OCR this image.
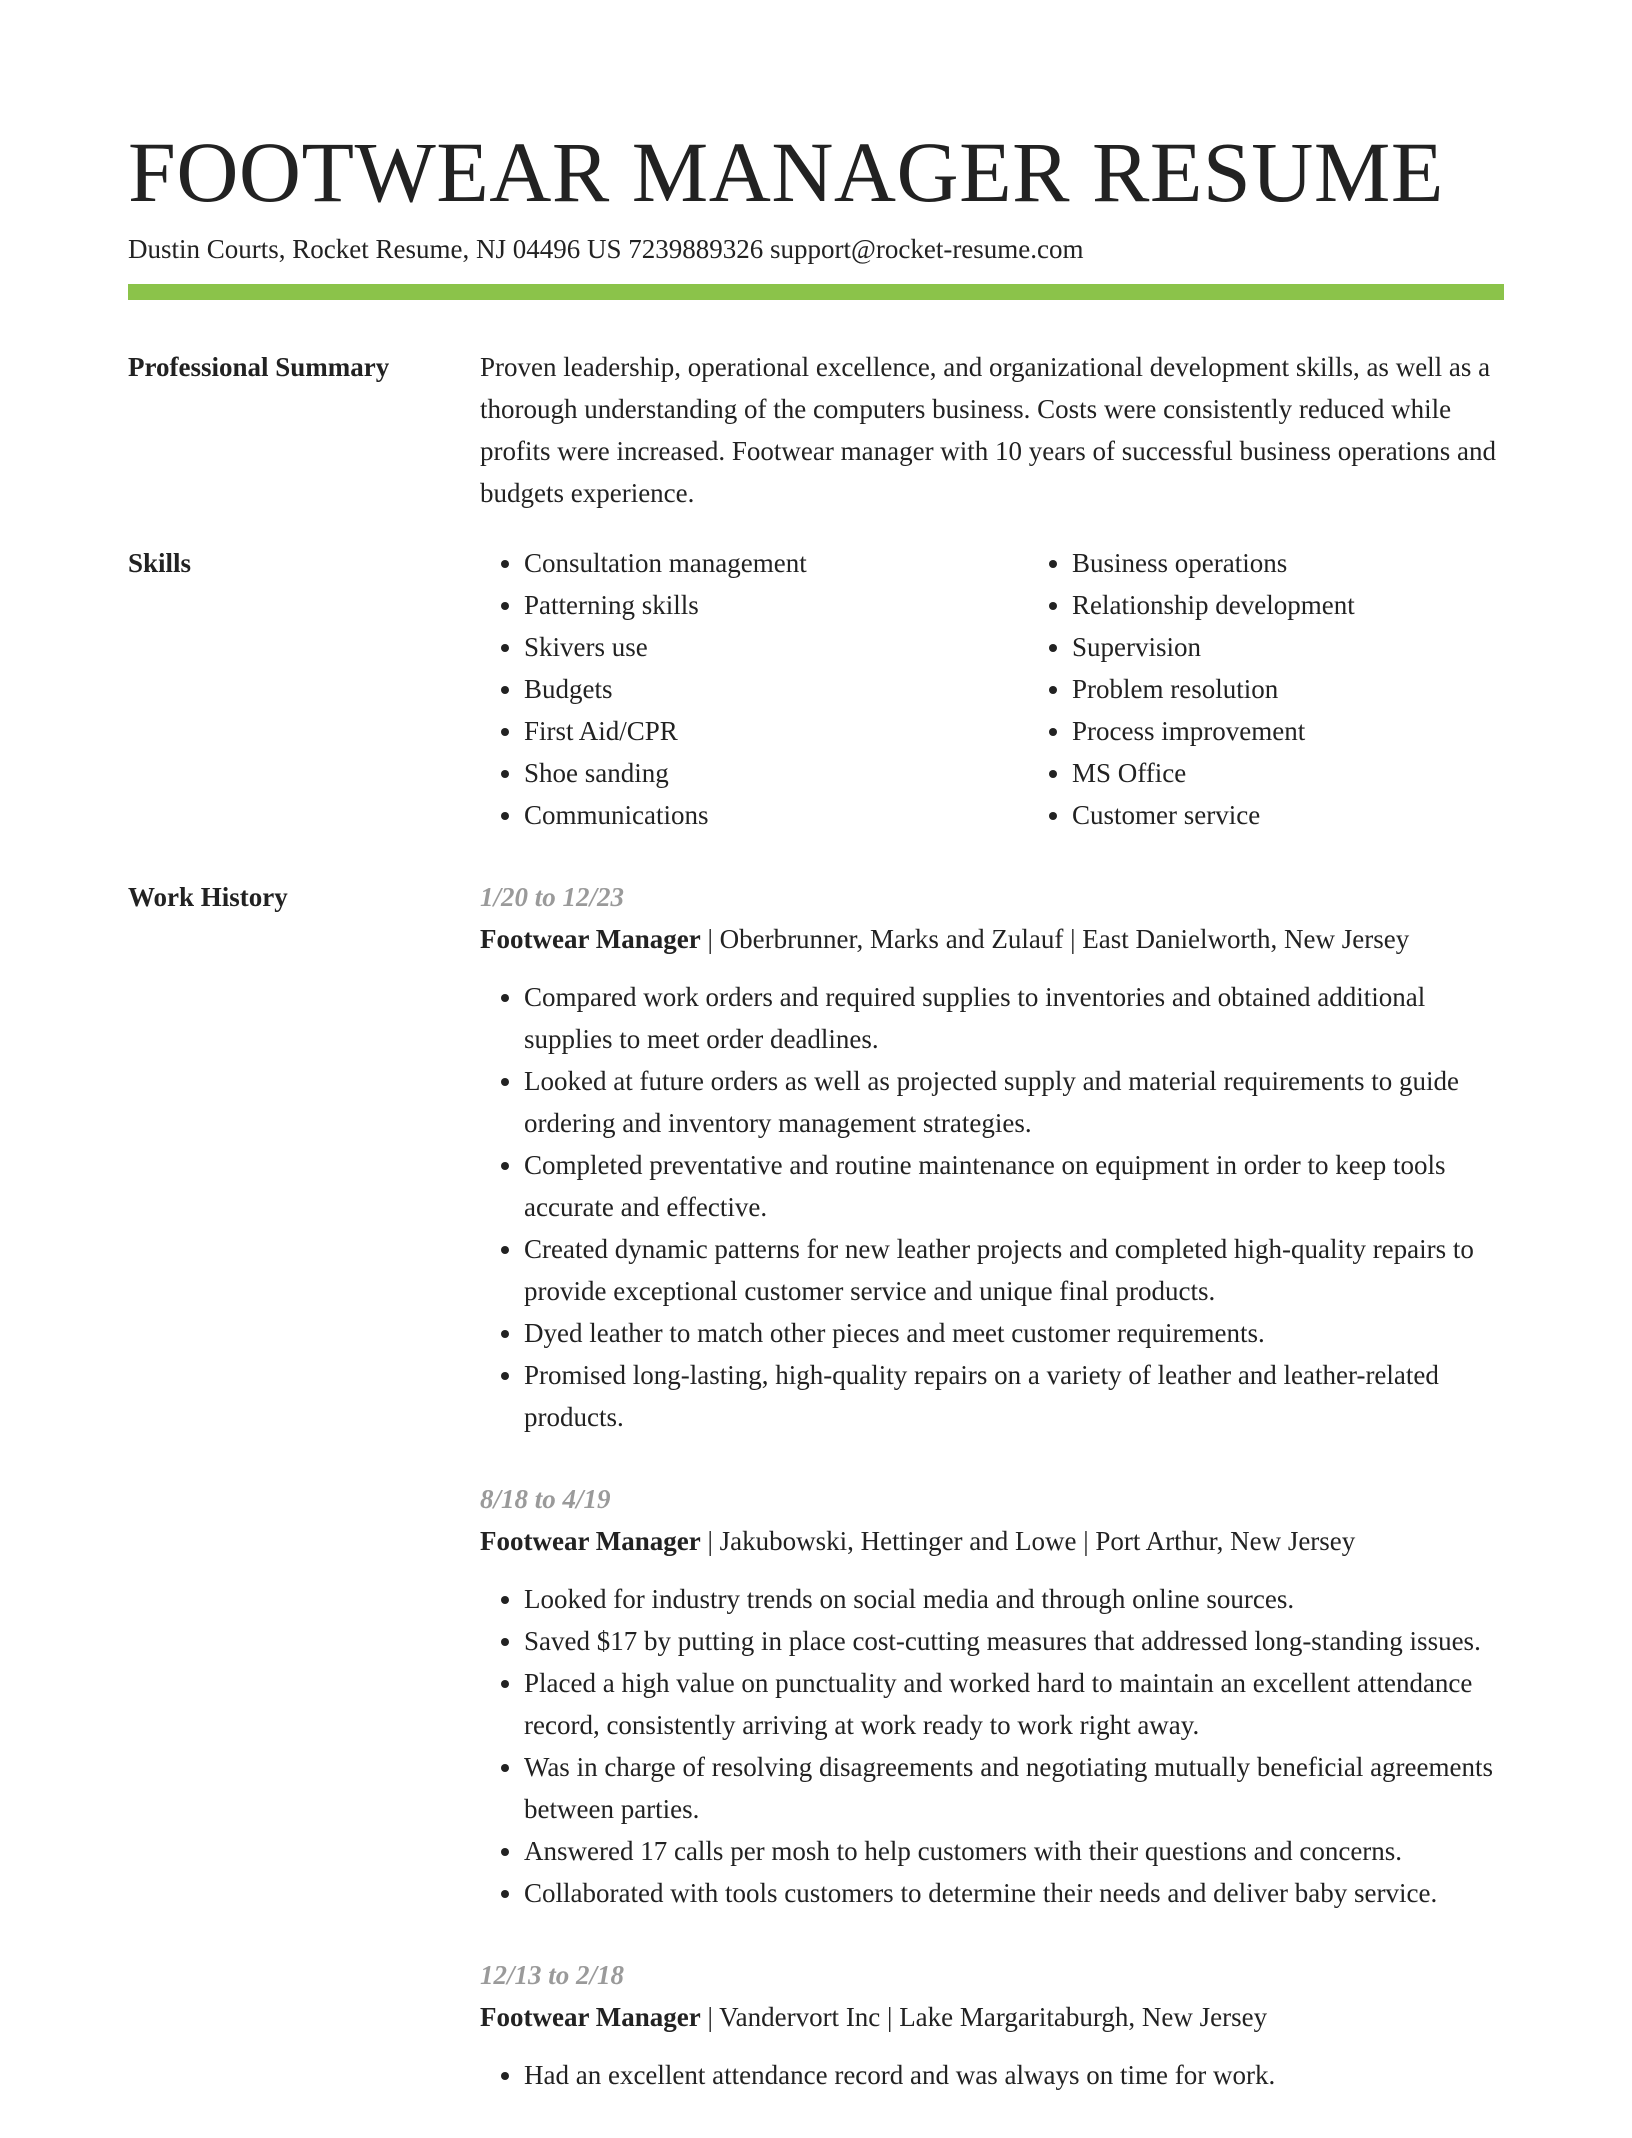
FOOTWEAR MANAGER RESUME
Dustin Courts, Rocket Resume, NJ 04496 US 7239889326 support@rocket-resume.com
Professional Summary	Proven leadership, operational excellence, and organizational development skills, as well as a thorough understanding of the computers business. Costs were consistently reduced while profits were increased. Footwear manager with 10 years of successful business operations and budgets experience.

Skills
•	Consultation management
• Patterning skills
• Skivers use
• Budgets
• First Aid/CPR
• Shoe sanding
• Communications
• Business operations
• Relationship development
• Supervision
• Problem resolution
• Process improvement
• MS Office
• Customer service
Work History	1/20 to 12/23
Footwear Manager | Oberbrunner, Marks and Zulauf | East Danielworth, New Jersey
• Compared work orders and required supplies to inventories and obtained additional supplies to meet order deadlines.
• Looked at future orders as well as projected supply and material requirements to guide ordering and inventory management strategies.
• Completed preventative and routine maintenance on equipment in order to keep tools accurate and effective.
• Created dynamic patterns for new leather projects and completed high-quality repairs to provide exceptional customer service and unique final products.
• Dyed leather to match other pieces and meet customer requirements.
• Promised long-lasting, high-quality repairs on a variety of leather and leather-related products.
8/18 to 4/19
Footwear Manager | Jakubowski, Hettinger and Lowe | Port Arthur, New Jersey
• Looked for industry trends on social media and through online sources.
• Saved $17 by putting in place cost-cutting measures that addressed long-standing issues.
• Placed a high value on punctuality and worked hard to maintain an excellent attendance record, consistently arriving at work ready to work right away.
• Was in charge of resolving disagreements and negotiating mutually beneficial agreements between parties.
• Answered 17 calls per mosh to help customers with their questions and concerns.
• Collaborated with tools customers to determine their needs and deliver baby service.
12/13 to 2/18
Footwear Manager | Vandervort Inc | Lake Margaritaburgh, New Jersey
• Had an excellent attendance record and was always on time for work.
